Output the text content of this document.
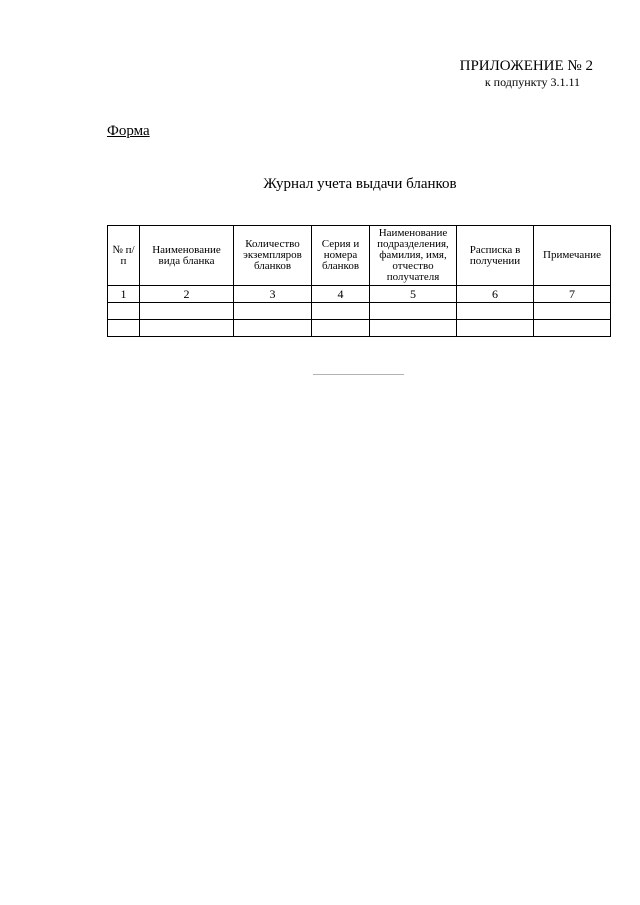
ПРИЛОЖЕНИЕ № 2
к подпункту 3.1.11
Форма
Журнал учета выдачи бланков
№ п/п	Наименование вида бланка	Количество экземпляров бланков	Серия и номера бланков	Наименование подразделения, фамилия, имя, отчество получателя	Расписка в получении	Примечание
1	2	3	4	5	6	7
